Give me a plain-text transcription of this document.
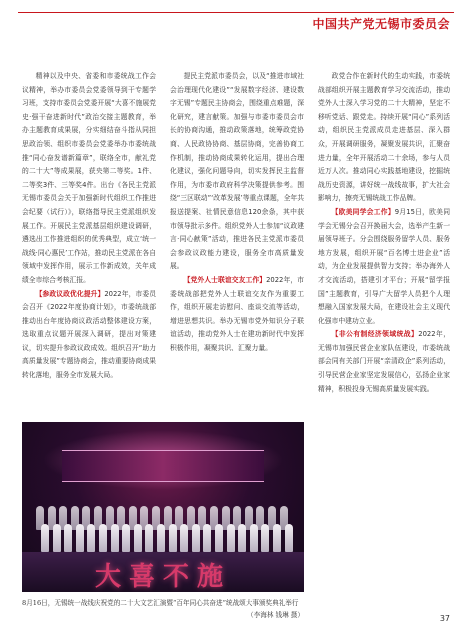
中国共产党无锡市委员会

精神以及中央、省委和市委统战工作会议精神，举办市委员会党委领导到干专题学习班，支持市委员会党委开展“大喜不施展党史·强干奋进新时代”政治交接主题教育，举办主题教育成果展，分实细结奋斗指从同担思政治领、组织市委员会党委举办市委统战推“同心奋发谱新篇章”，联络全市，献礼党的二十大”等成果展，获央第二等奖。1件、二等奖3件、三等奖4件。出台《各民主党派无锡市委员会关于加强新时代组织工作推进会纪要（试行）》，联络指导民主党派组织发展工作。开展民主党派基层组织建设调研，遴选出工作推进组织的优秀典型，成立‘统一战线·同心惠民’工作站，推动民主党派在各自领域中发挥作用，展示工作新成效，关年成绩全市综合考核汇报。

【参政议政优化提升】2022年，市委员会召开《2022年度协商计划》，市委统战部推动出台年度协商议政活动整体建设方案，选取重点议题开展深入调研，提出对策建议，切实提升参政议政成效。组织召开“助力高质量发展”专题协商会，推动重要协商成果转化落地，服务全市发展大局。

提民主党派市委员会，以及“推进市域社会治理现代化建设”“发展数字经济、建设数字无锡”专题民主协商会，围绕重点难题，深化研究，建言献策。加强与市委市委员会市长的协商沟通，推动政策落地，统筹政党协商、人民政协协商、基层协商，完善协商工作机制，推动协商成果转化运用，提出合理化建议，强化问题导向，切实发挥民主监督作用，为市委市政府科学决策提供参考。围绕“三区联动”‘改革发展’等重点课题，全年共报送提案、社情民意信息120余条，其中获市领导批示多件。组织党外人士参加“议政建言·同心献策”活动，推进各民主党派市委员会参政议政能力建设，服务全市高质量发展。

【党外人士联谊交友工作】2022年，市委统战部把党外人士联谊交友作为重要工作，组织开展走访慰问、座谈交流等活动，增进思想共识。举办无锡市党外知识分子联谊活动，推动党外人士在建功新时代中发挥积极作用，凝聚共识、汇聚力量。

政党合作在新时代的生动实践，市委统战部组织开展主题教育学习交流活动，推动党外人士深入学习党的二十大精神，坚定不移听党话、跟党走。持续开展“同心”系列活动，组织民主党派成员走进基层、深入群众，开展调研服务，凝聚发展共识，汇聚奋进力量，全年开展活动二十余场，参与人员近万人次。推动同心实践基地建设，挖掘统战历史资源，讲好统一战线故事，扩大社会影响力，擦亮无锡统战工作品牌。

【欧美同学会工作】9月15日，欧美同学会无锡分会召开换届大会，选举产生新一届领导班子。分会围绕服务留学人员、服务地方发展，组织开展“百名博士进企业”活动，为企业发展提供智力支持；举办海外人才交流活动，搭建引才平台；开展“留学报国”主题教育，引导广大留学人员把个人理想融入国家发展大局，在建设社会主义现代化强市中建功立业。

【非公有制经济领域统战】2022年，无锡市加强民营企业家队伍建设，市委统战部会同有关部门开展“亲清政企”系列活动，引导民营企业家坚定发展信心，弘扬企业家精神，积极投身无锡高质量发展实践。

大喜不施
8月16日，无锡统一战线庆祝党的二十大文艺汇演暨“百年同心共奋进”统战颂大事颁奖典礼举行
（李海林 钱琳 摄）	37
